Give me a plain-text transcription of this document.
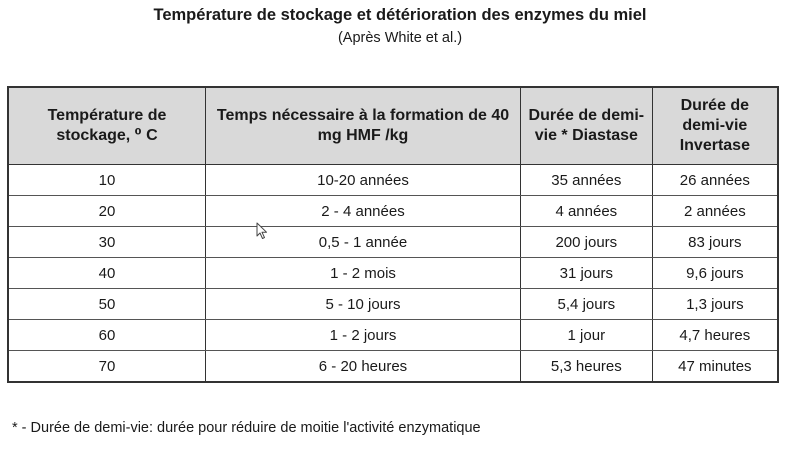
Température de stockage et détérioration des enzymes du miel
(Après White et al.)
Température de stockage, ⁰ C	Temps nécessaire à la formation de 40 mg HMF /kg	Durée de demi-vie * Diastase	Durée de demi-vie Invertase
10	10-20 années	35 années	26 années
20	2 - 4 années	4 années	2 années
30	0,5 - 1 année	200 jours	83 jours
40	1 - 2 mois	31 jours	9,6 jours
50	5 - 10 jours	5,4 jours	1,3 jours
60	1 - 2 jours	1 jour	4,7 heures
70	6 - 20 heures	5,3 heures	47 minutes
* - Durée de demi-vie: durée pour réduire de moitie l'activité enzymatique
